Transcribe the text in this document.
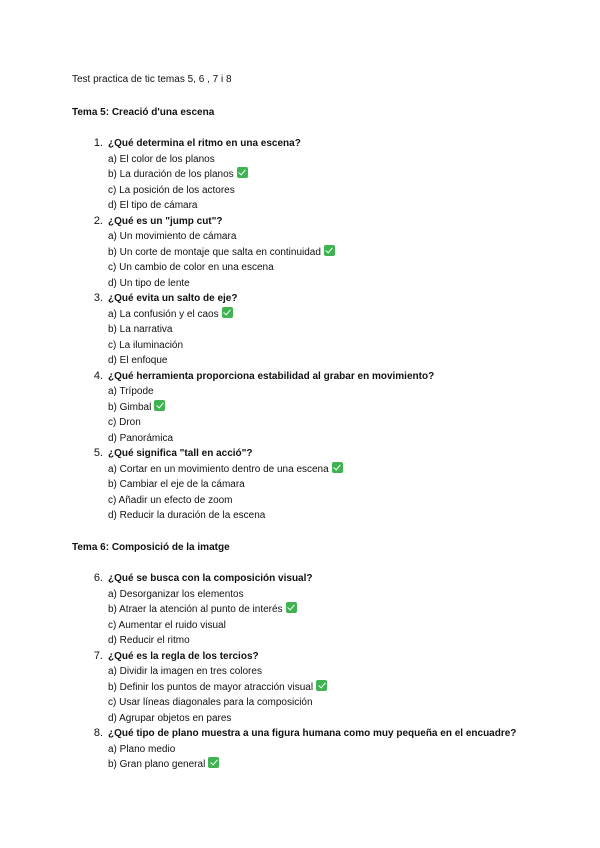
Test practica de tic temas 5, 6 , 7 i 8

Tema 5: Creació d'una escena

1. ¿Qué determina el ritmo en una escena?
a) El color de los planos
b) La duración de los planos
c) La posición de los actores
d) El tipo de cámara
2. ¿Qué es un "jump cut"?
a) Un movimiento de cámara
b) Un corte de montaje que salta en continuidad
c) Un cambio de color en una escena
d) Un tipo de lente
3. ¿Qué evita un salto de eje?
a) La confusión y el caos
b) La narrativa
c) La iluminación
d) El enfoque
4. ¿Qué herramienta proporciona estabilidad al grabar en movimiento?
a) Trípode
b) Gimbal
c) Dron
d) Panorámica
5. ¿Qué significa "tall en acció"?
a) Cortar en un movimiento dentro de una escena
b) Cambiar el eje de la cámara
c) Añadir un efecto de zoom
d) Reducir la duración de la escena

Tema 6: Composició de la imatge

6. ¿Qué se busca con la composición visual?
a) Desorganizar los elementos
b) Atraer la atención al punto de interés
c) Aumentar el ruido visual
d) Reducir el ritmo
7. ¿Qué es la regla de los tercios?
a) Dividir la imagen en tres colores
b) Definir los puntos de mayor atracción visual
c) Usar líneas diagonales para la composición
d) Agrupar objetos en pares
8. ¿Qué tipo de plano muestra a una figura humana como muy pequeña en el encuadre?
a) Plano medio
b) Gran plano general
